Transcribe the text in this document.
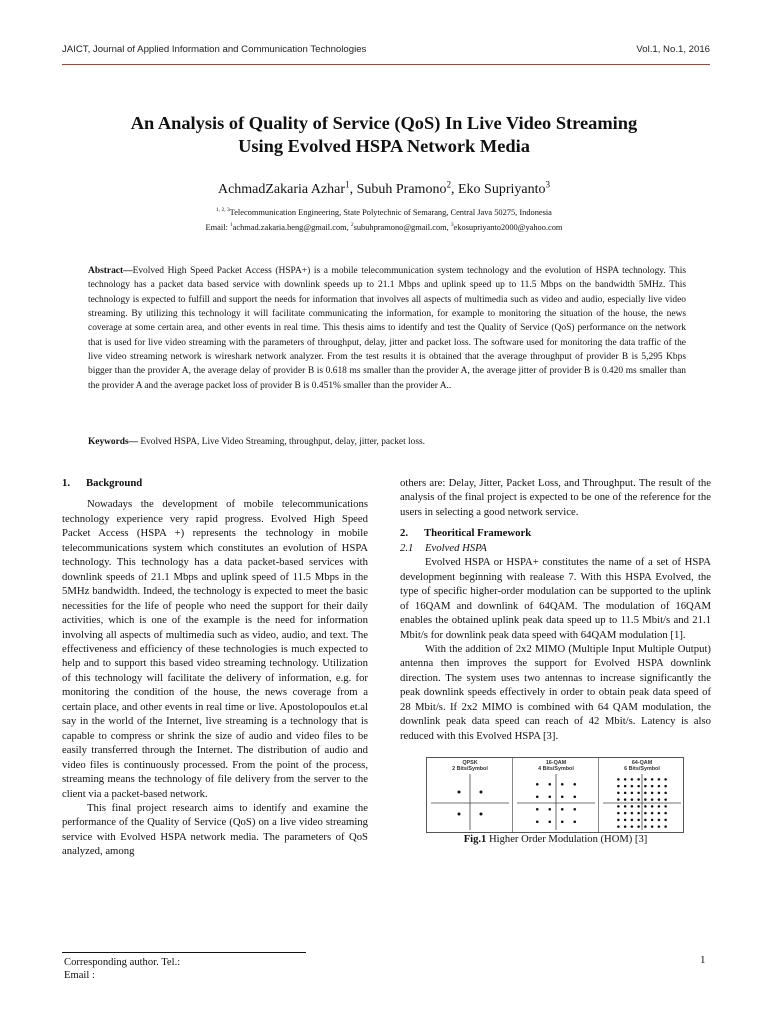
JAICT, Journal of Applied Information and Communication Technologies	Vol.1, No.1, 2016
An Analysis of Quality of Service (QoS) In Live Video Streaming
Using Evolved HSPA Network Media
AchmadZakaria Azhar$^1$, Subuh Pramono$^2$, Eko Supriyanto$^3$
$^{1, 2, 3}$Telecommunication Engineering, State Polytechnic of Semarang, Central Java 50275, Indonesia
Email: $^1$achmad.zakaria.beng@gmail.com, $^2$subuhpramono@gmail.com, $^3$ekosupriyanto2000@yahoo.com
Abstract—Evolved High Speed Packet Access (HSPA+) is a mobile telecommunication system technology and the evolution of HSPA technology. This technology has a packet data based service with downlink speeds up to 21.1 Mbps and uplink speed up to 11.5 Mbps on the bandwidth 5MHz. This technology is expected to fulfill and support the needs for information that involves all aspects of multimedia such as video and audio, especially live video streaming. By utilizing this technology it will facilitate communicating the information, for example to monitoring the situation of the house, the news coverage at some certain area, and other events in real time. This thesis aims to identify and test the Quality of Service (QoS) performance on the network that is used for live video streaming with the parameters of throughput, delay, jitter and packet loss. The software used for monitoring the data traffic of the live video streaming network is wireshark network analyzer. From the test results it is obtained that the average throughput of provider B is 5,295 Kbps bigger than the provider A, the average delay of provider B is 0.618 ms smaller than the provider A, the average jitter of provider B is 0.420 ms smaller than the provider A and the average packet loss of provider B is 0.451% smaller than the provider A..
Keywords— Evolved HSPA, Live Video Streaming, throughput, delay, jitter, packet loss.

1. Background

Nowadays the development of mobile telecommunications technology experience very rapid progress. Evolved High Speed Packet Access (HSPA +) represents the technology in mobile telecommunications system which constitutes an evolution of HSPA technology. This technology has a data packet-based services with downlink speeds of 21.1 Mbps and uplink speed of 11.5 Mbps in the 5MHz bandwidth. Indeed, the technology is expected to meet the basic necessities for the life of people who need the support for their daily activities, which is one of the example is the need for information involving all aspects of multimedia such as video, audio, and text. The effectiveness and efficiency of these technologies is much expected to help and to support this based video streaming technology. Utilization of this technology will facilitate the delivery of information, e.g. for monitoring the condition of the house, the news coverage from a certain place, and other events in real time or live. Apostolopoulos et.al say in the world of the Internet, live streaming is a technology that is capable to compress or shrink the size of audio and video files to be easily transferred through the Internet. The distribution of audio and video files is continuously processed. From the point of the process, streaming means the technology of file delivery from the server to the client via a packet-based network.

This final project research aims to identify and examine the performance of the Quality of Service (QoS) on a live video streaming service with Evolved HSPA network media. The parameters of QoS analyzed, among

others are: Delay, Jitter, Packet Loss, and Throughput. The result of the analysis of the final project is expected to be one of the reference for the users in selecting a good network service.

2. Theoritical Framework

2.1 Evolved HSPA

Evolved HSPA or HSPA+ constitutes the name of a set of HSPA development beginning with realease 7. With this HSPA Evolved, the type of specific higher-order modulation can be supported to the uplink of 16QAM and downlink of 64QAM. The modulation of 16QAM enables the obtained uplink peak data speed up to 11.5 Mbit/s and 21.1 Mbit/s for downlink peak data speed with 64QAM modulation [1].

With the addition of 2x2 MIMO (Multiple Input Multiple Output) antenna then improves the support for Evolved HSPA downlink direction. The system uses two antennas to increase significantly the peak downlink speeds effectively in order to obtain peak data speed of 28 Mbit/s. If 2x2 MIMO is combined with 64 QAM modulation, the downlink peak data speed can reach of 42 Mbit/s. Latency is also reduced with this Evolved HSPA [3].

QPSK
2 Bits/Symbol
16-QAM
4 Bits/Symbol
64-QAM
6 Bits/Symbol

Fig.1 Higher Order Modulation (HOM) [3]

Corresponding author. Tel.:
Email :
1
